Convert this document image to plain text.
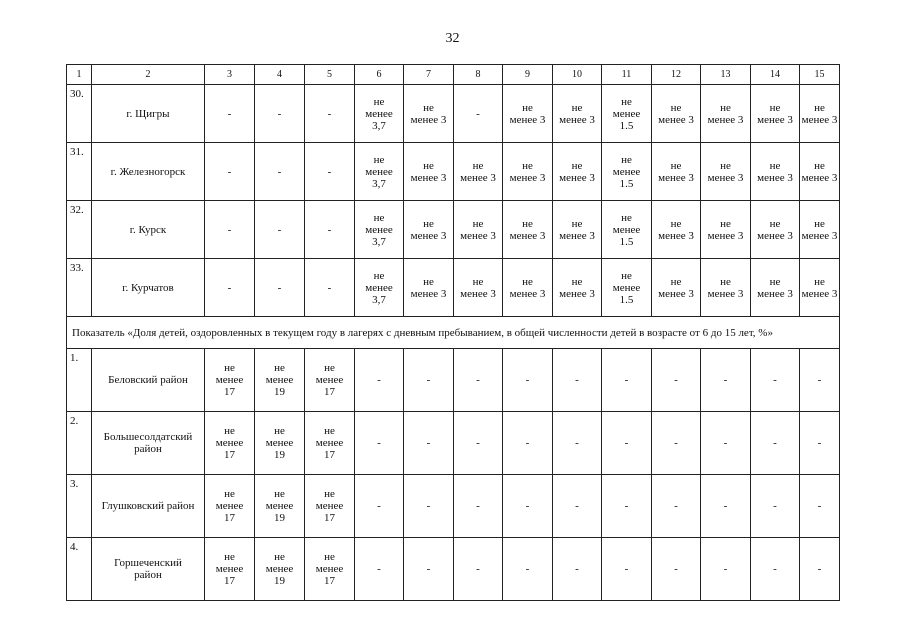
32
1	2	3	4	5	6	7	8	9	10	11	12	13	14	15
30.	г. Щигры	-	-	-	не
менее
3,7	не
менее 3	-	не
менее 3	не
менее 3	не
менее
1.5	не
менее 3	не
менее 3	не
менее 3	не
менее 3
31.	г. Железногорск	-	-	-	не
менее
3,7	не
менее 3	не
менее 3	не
менее 3	не
менее 3	не
менее
1.5	не
менее 3	не
менее 3	не
менее 3	не
менее 3
32.	г. Курск	-	-	-	не
менее
3,7	не
менее 3	не
менее 3	не
менее 3	не
менее 3	не
менее
1.5	не
менее 3	не
менее 3	не
менее 3	не
менее 3
33.	г. Курчатов	-	-	-	не
менее
3,7	не
менее 3	не
менее 3	не
менее 3	не
менее 3	не
менее
1.5	не
менее 3	не
менее 3	не
менее 3	не
менее 3
Показатель «Доля детей, оздоровленных в текущем году в лагерях с дневным пребыванием, в общей численности детей в возрасте от 6 до 15 лет, %»														
1.	Беловский район	не
менее
17	не
менее
19	не
менее
17	-	-	-	-	-	-	-	-	-	-
2.	Большесолдатский
район	не
менее
17	не
менее
19	не
менее
17	-	-	-	-	-	-	-	-	-	-
3.	Глушковский район	не
менее
17	не
менее
19	не
менее
17	-	-	-	-	-	-	-	-	-	-
4.	Горшеченский
район	не
менее
17	не
менее
19	не
менее
17	-	-	-	-	-	-	-	-	-	-
